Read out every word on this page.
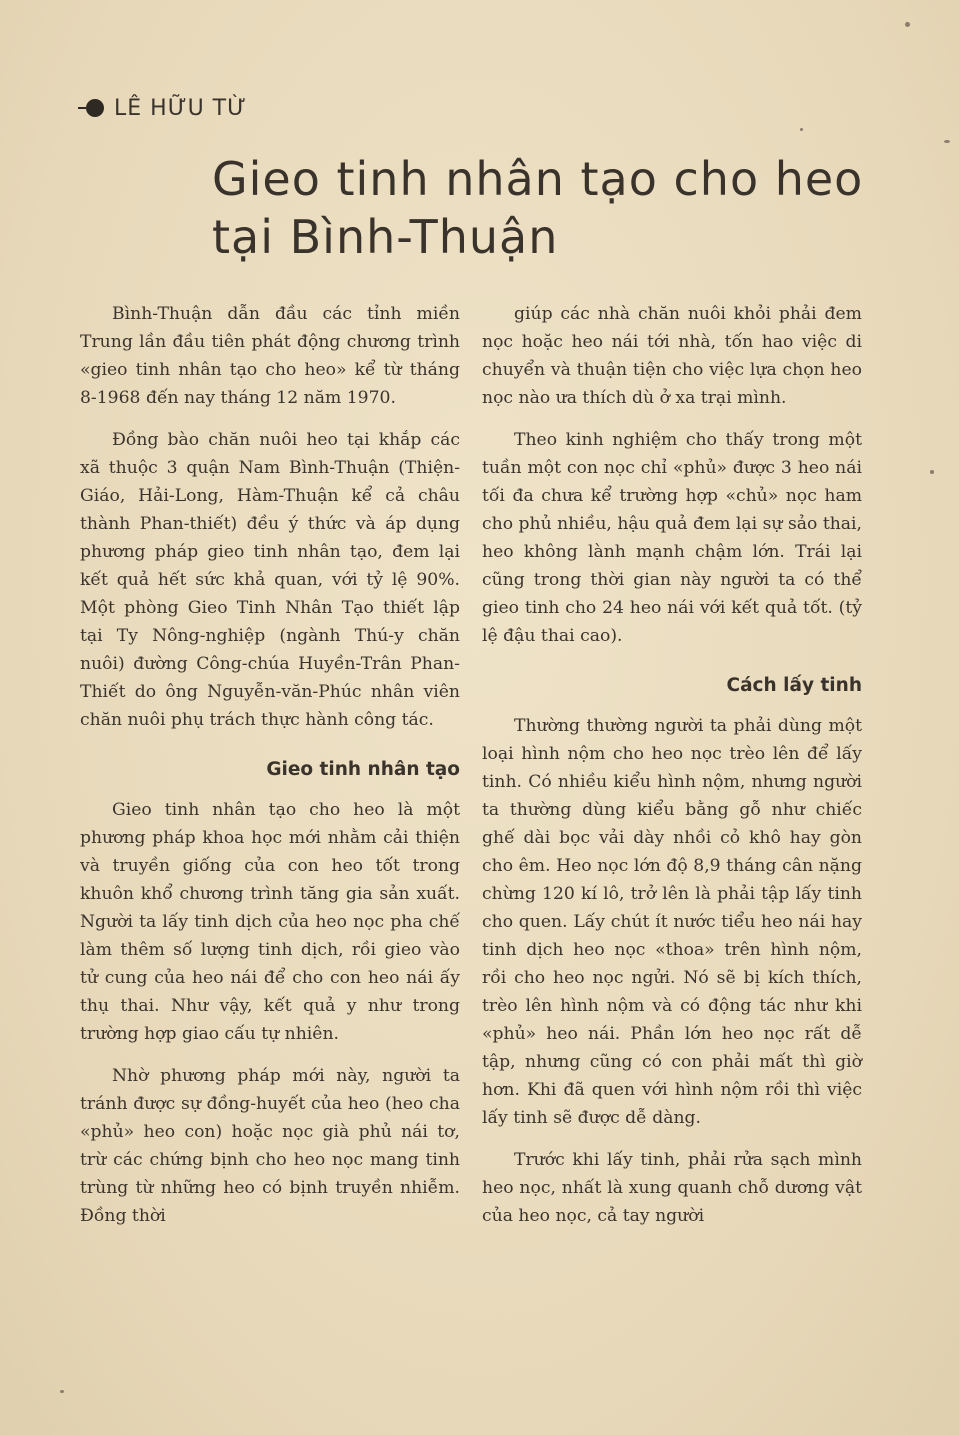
LÊ HỮU TỪ
Gieo tinh nhân tạo cho heo tại Bình-Thuận

Bình-Thuận dẫn đầu các tỉnh miền Trung lần đầu tiên phát động chương trình «gieo tinh nhân tạo cho heo» kể từ tháng 8-1968 đến nay tháng 12 năm 1970.

Đồng bào chăn nuôi heo tại khắp các xã thuộc 3 quận Nam Bình-Thuận (Thiện-Giáo, Hải-Long, Hàm-Thuận kể cả châu thành Phan-thiết) đều ý thức và áp dụng phương pháp gieo tinh nhân tạo, đem lại kết quả hết sức khả quan, với tỷ lệ 90%. Một phòng Gieo Tinh Nhân Tạo thiết lập tại Ty Nông-nghiệp (ngành Thú-y chăn nuôi) đường Công-chúa Huyền-Trân Phan-Thiết do ông Nguyễn-văn-Phúc nhân viên chăn nuôi phụ trách thực hành công tác.

Gieo tinh nhân tạo

Gieo tinh nhân tạo cho heo là một phương pháp khoa học mới nhằm cải thiện và truyền giống của con heo tốt trong khuôn khổ chương trình tăng gia sản xuất. Người ta lấy tinh dịch của heo nọc pha chế làm thêm số lượng tinh dịch, rồi gieo vào tử cung của heo nái để cho con heo nái ấy thụ thai. Như vậy, kết quả y như trong trường hợp giao cấu tự nhiên.

Nhờ phương pháp mới này, người ta tránh được sự đồng-huyết của heo (heo cha «phủ» heo con) hoặc nọc già phủ nái tơ, trừ các chứng bịnh cho heo nọc mang tinh trùng từ những heo có bịnh truyền nhiễm. Đồng thời

giúp các nhà chăn nuôi khỏi phải đem nọc hoặc heo nái tới nhà, tốn hao việc di chuyển và thuận tiện cho việc lựa chọn heo nọc nào ưa thích dù ở xa trại mình.

Theo kinh nghiệm cho thấy trong một tuần một con nọc chỉ «phủ» được 3 heo nái tối đa chưa kể trường hợp «chủ» nọc ham cho phủ nhiều, hậu quả đem lại sự sảo thai, heo không lành mạnh chậm lớn. Trái lại cũng trong thời gian này người ta có thể gieo tinh cho 24 heo nái với kết quả tốt. (tỷ lệ đậu thai cao).

Cách lấy tinh

Thường thường người ta phải dùng một loại hình nộm cho heo nọc trèo lên để lấy tinh. Có nhiều kiểu hình nộm, nhưng người ta thường dùng kiểu bằng gỗ như chiếc ghế dài bọc vải dày nhồi cỏ khô hay gòn cho êm. Heo nọc lớn độ 8,9 tháng cân nặng chừng 120 kí lô, trở lên là phải tập lấy tinh cho quen. Lấy chút ít nước tiểu heo nái hay tinh dịch heo nọc «thoa» trên hình nộm, rồi cho heo nọc ngửi. Nó sẽ bị kích thích, trèo lên hình nộm và có động tác như khi «phủ» heo nái. Phần lớn heo nọc rất dễ tập, nhưng cũng có con phải mất thì giờ hơn. Khi đã quen với hình nộm rồi thì việc lấy tinh sẽ được dễ dàng.

Trước khi lấy tinh, phải rửa sạch mình heo nọc, nhất là xung quanh chỗ dương vật của heo nọc, cả tay người
